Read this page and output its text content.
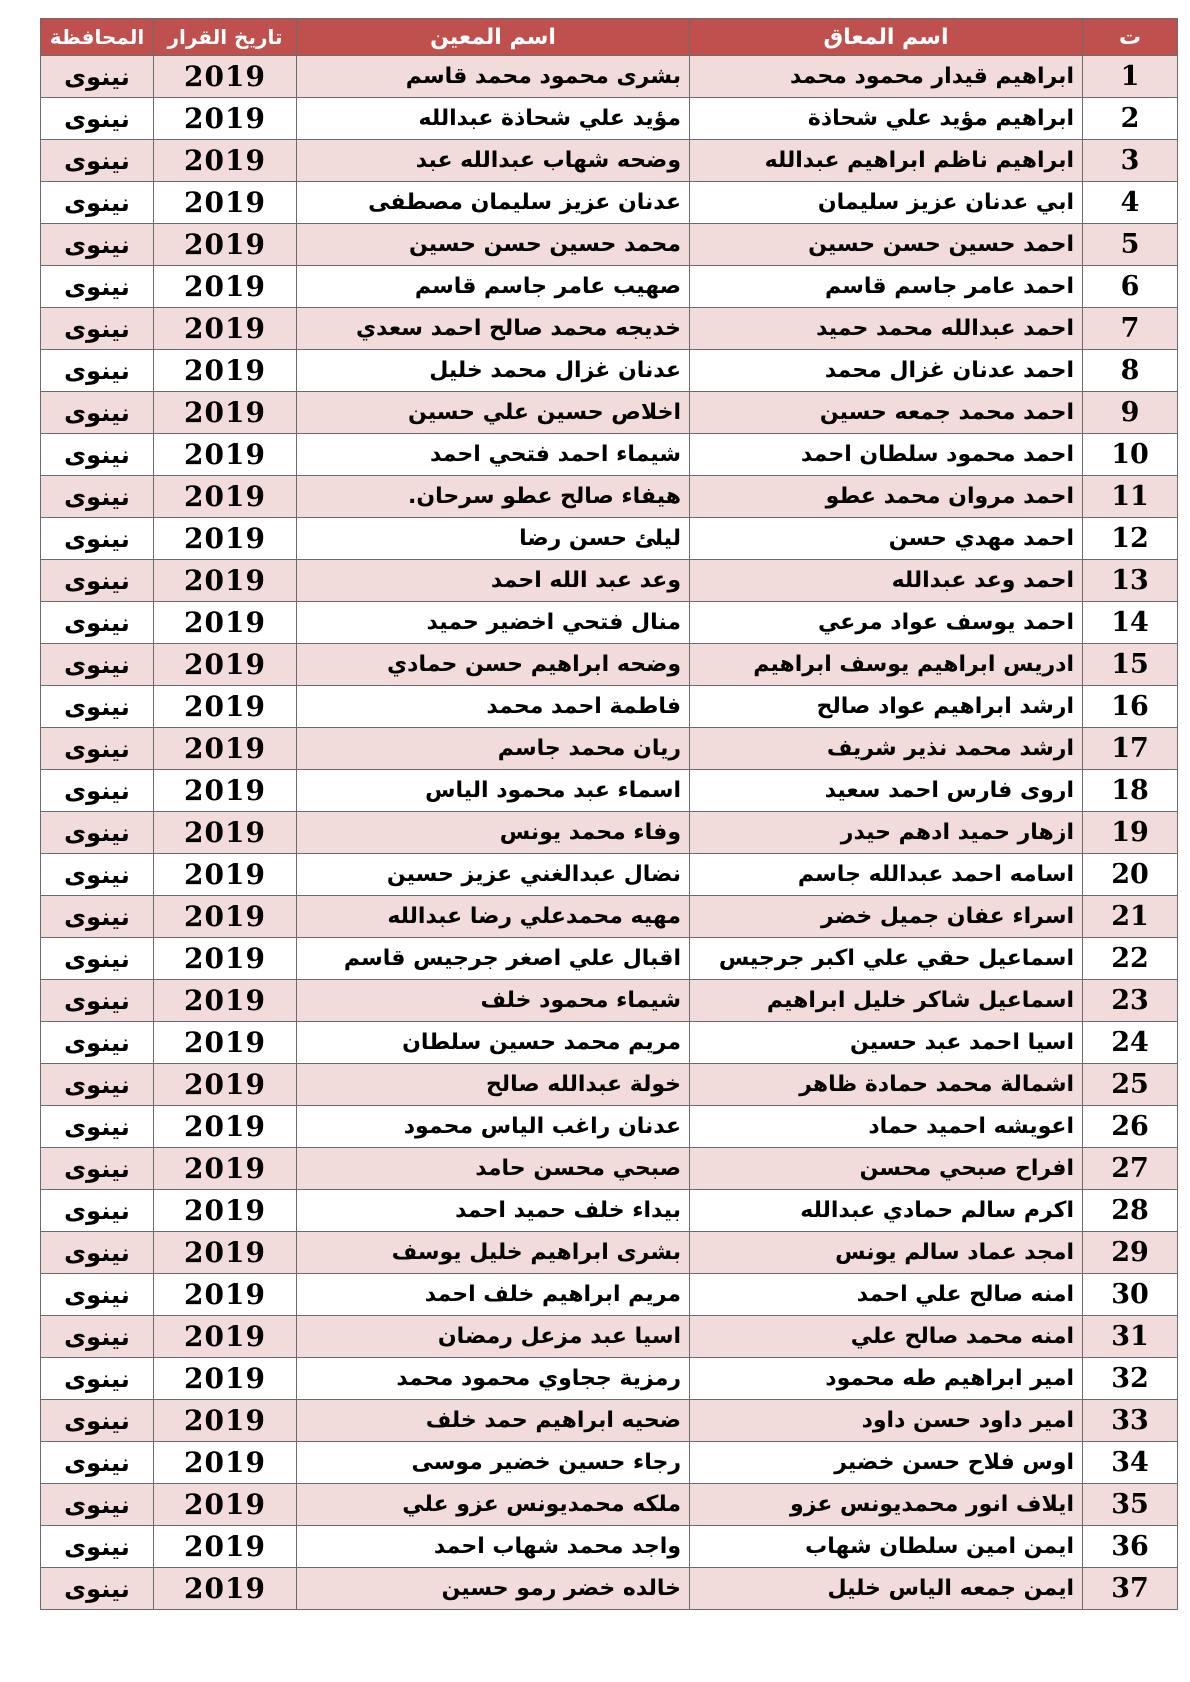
ت	اسم المعاق	اسم المعين	تاريخ القرار	المحافظة
1	ابراهيم قيدار محمود محمد	بشرى محمود محمد قاسم	2019	نينوى
2	ابراهيم مؤيد علي شحاذة	مؤيد علي شحاذة عبدالله	2019	نينوى
3	ابراهيم ناظم ابراهيم عبدالله	وضحه شهاب عبدالله عبد	2019	نينوى
4	ابي عدنان عزيز سليمان	عدنان عزيز سليمان مصطفى	2019	نينوى
5	احمد حسين حسن حسين	محمد حسين حسن حسين	2019	نينوى
6	احمد عامر جاسم قاسم	صهيب عامر جاسم قاسم	2019	نينوى
7	احمد عبدالله محمد حميد	خديجه محمد صالح احمد سعدي	2019	نينوى
8	احمد عدنان غزال محمد	عدنان غزال محمد خليل	2019	نينوى
9	احمد محمد جمعه حسين	اخلاص حسين علي حسين	2019	نينوى
10	احمد محمود سلطان احمد	شيماء احمد فتحي احمد	2019	نينوى
11	احمد مروان محمد عطو	هيفاء صالح عطو سرحان.	2019	نينوى
12	احمد مهدي حسن	ليلئ حسن رضا	2019	نينوى
13	احمد وعد عبدالله	وعد عبد الله احمد	2019	نينوى
14	احمد يوسف عواد مرعي	منال فتحي اخضير حميد	2019	نينوى
15	ادريس ابراهيم يوسف ابراهيم	وضحه ابراهيم حسن حمادي	2019	نينوى
16	ارشد ابراهيم عواد صالح	فاطمة احمد محمد	2019	نينوى
17	ارشد محمد نذير شريف	ريان محمد جاسم	2019	نينوى
18	اروى فارس احمد سعيد	اسماء عبد محمود الياس	2019	نينوى
19	ازهار حميد ادهم حيدر	وفاء محمد يونس	2019	نينوى
20	اسامه احمد عبدالله جاسم	نضال عبدالغني عزيز حسين	2019	نينوى
21	اسراء عفان جميل خضر	مهيه محمدعلي رضا عبدالله	2019	نينوى
22	اسماعيل حقي علي اكبر جرجيس	اقبال علي اصغر جرجيس قاسم	2019	نينوى
23	اسماعيل شاكر خليل ابراهيم	شيماء محمود خلف	2019	نينوى
24	اسيا احمد عبد حسين	مريم محمد حسين سلطان	2019	نينوى
25	اشمالة محمد حمادة ظاهر	خولة عبدالله صالح	2019	نينوى
26	اعويشه احميد حماد	عدنان راغب الياس محمود	2019	نينوى
27	افراح صبحي محسن	صبحي محسن حامد	2019	نينوى
28	اكرم سالم حمادي عبدالله	بيداء خلف حميد احمد	2019	نينوى
29	امجد عماد سالم يونس	بشرى ابراهيم خليل يوسف	2019	نينوى
30	امنه صالح علي احمد	مريم ابراهيم خلف احمد	2019	نينوى
31	امنه محمد صالح علي	اسيا عبد مزعل رمضان	2019	نينوى
32	امير ابراهيم طه محمود	رمزية ججاوي محمود محمد	2019	نينوى
33	امير داود حسن داود	ضحيه ابراهيم حمد خلف	2019	نينوى
34	اوس فلاح حسن خضير	رجاء حسين خضير موسى	2019	نينوى
35	ايلاف انور محمديونس عزو	ملكه محمديونس عزو علي	2019	نينوى
36	ايمن امين سلطان شهاب	واجد محمد شهاب احمد	2019	نينوى
37	ايمن جمعه الياس خليل	خالده خضر رمو حسين	2019	نينوى
